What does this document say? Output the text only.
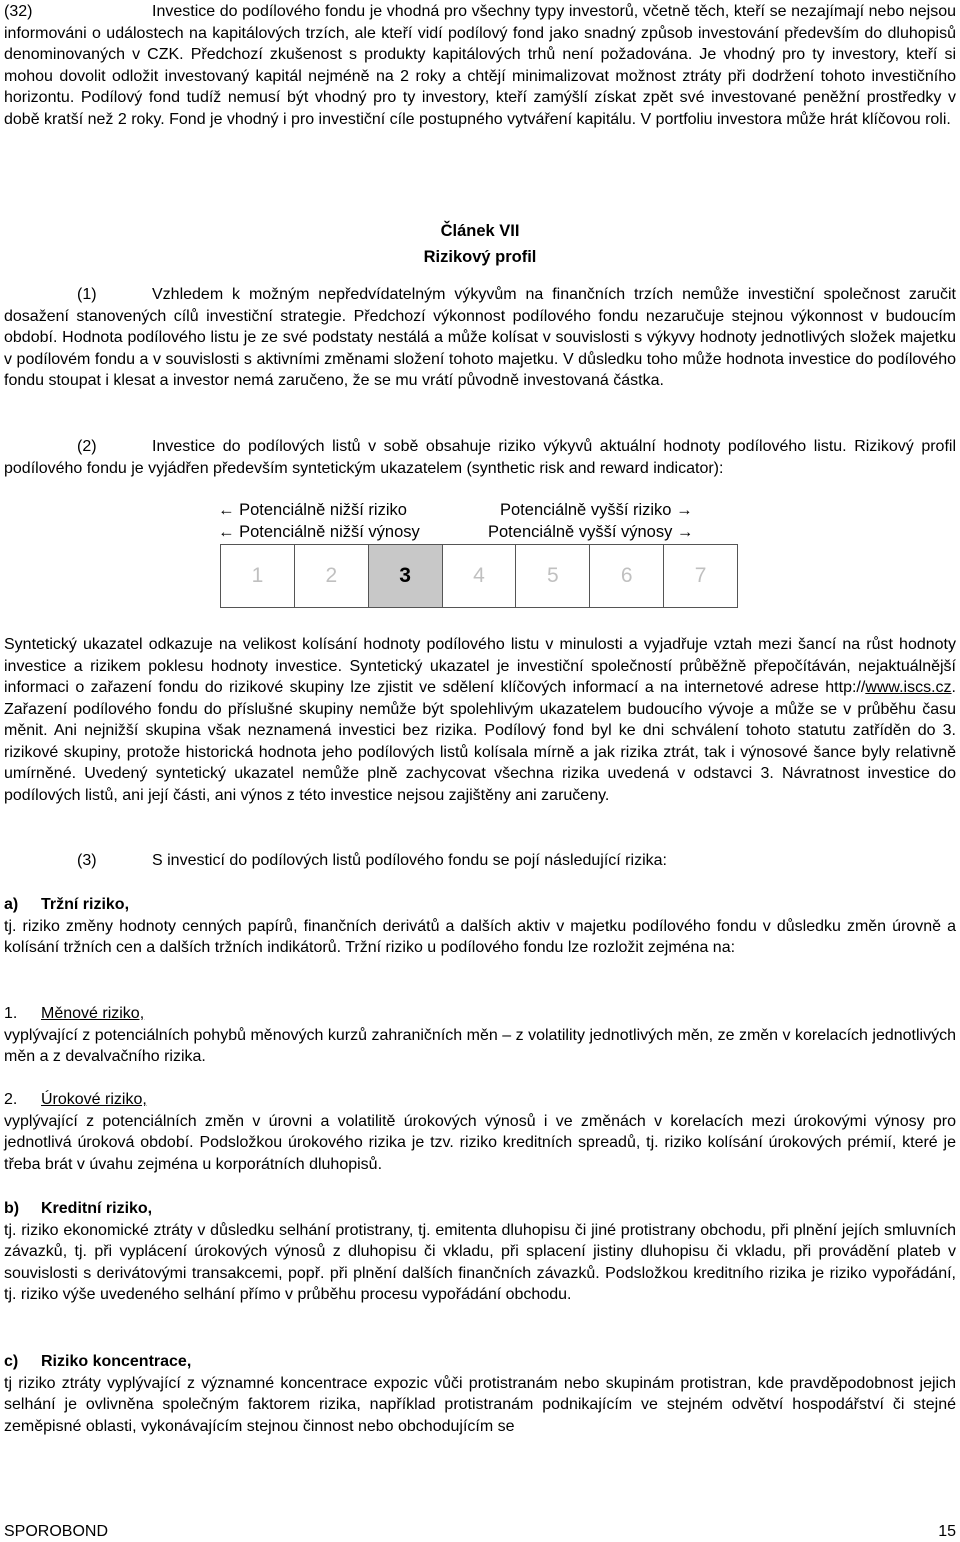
(32)	Investice do podílového fondu je vhodná pro všechny typy investorů, včetně těch, kteří se nezajímají nebo nejsou informováni o událostech na kapitálových trzích, ale kteří vidí podílový fond jako snadný způsob investování především do dluhopisů denominovaných v CZK. Předchozí zkušenost s produkty kapitálových trhů není požadována. Je vhodný pro ty investory, kteří si mohou dovolit odložit investovaný kapitál nejméně na 2 roky a chtějí minimalizovat možnost ztráty při dodržení tohoto investičního horizontu. Podílový fond tudíž nemusí být vhodný pro ty investory, kteří zamýšlí získat zpět své investované peněžní prostředky v době kratší než 2 roky. Fond je vhodný i pro investiční cíle postupného vytváření kapitálu. V portfoliu investora může hrát klíčovou roli.

Článek VII
Rizikový profil

(1)	Vzhledem k možným nepředvídatelným výkyvům na finančních trzích nemůže investiční společnost zaručit dosažení stanovených cílů investiční strategie. Předchozí výkonnost podílového fondu nezaručuje stejnou výkonnost v budoucím období. Hodnota podílového listu je ze své podstaty nestálá a může kolísat v souvislosti s výkyvy hodnoty jednotlivých složek majetku v podílovém fondu a v souvislosti s aktivními změnami složení tohoto majetku. V důsledku toho může hodnota investice do podílového fondu stoupat i klesat a investor nemá zaručeno, že se mu vrátí původně investovaná částka.

(2)	Investice do podílových listů v sobě obsahuje riziko výkyvů aktuální hodnoty podílového listu. Rizikový profil podílového fondu je vyjádřen především syntetickým ukazatelem (synthetic risk and reward indicator):

← Potenciálně nižší riziko	Potenciálně vyšší riziko →
← Potenciálně nižší výnosy	Potenciálně vyšší výnosy →
1	2	3	4	5	6	7

Syntetický ukazatel odkazuje na velikost kolísání hodnoty podílového listu v minulosti a vyjadřuje vztah mezi šancí na růst hodnoty investice a rizikem poklesu hodnoty investice. Syntetický ukazatel je investiční společností průběžně přepočítáván, nejaktuálnější informaci o zařazení fondu do rizikové skupiny lze zjistit ve sdělení klíčových informací a na internetové adrese http://www.iscs.cz. Zařazení podílového fondu do příslušné skupiny nemůže být spolehlivým ukazatelem budoucího vývoje a může se v průběhu času měnit. Ani nejnižší skupina však neznamená investici bez rizika. Podílový fond byl ke dni schválení tohoto statutu zatříděn do 3. rizikové skupiny, protože historická hodnota jeho podílových listů kolísala mírně a jak rizika ztrát, tak i výnosové šance byly relativně umírněné. Uvedený syntetický ukazatel nemůže plně zachycovat všechna rizika uvedená v odstavci 3. Návratnost investice do podílových listů, ani její části, ani výnos z této investice nejsou zajištěny ani zaručeny.

(3)	S investicí do podílových listů podílového fondu se pojí následující rizika:

a) Tržní riziko,

tj. riziko změny hodnoty cenných papírů, finančních derivátů a dalších aktiv v majetku podílového fondu v důsledku změn úrovně a kolísání tržních cen a dalších tržních indikátorů. Tržní riziko u podílového fondu lze rozložit zejména na:

1. Měnové riziko,

vyplývající z potenciálních pohybů měnových kurzů zahraničních měn – z volatility jednotlivých měn, ze změn v korelacích jednotlivých měn a z devalvačního rizika.

2. Úrokové riziko,

vyplývající z potenciálních změn v úrovni a volatilitě úrokových výnosů i ve změnách v korelacích mezi úrokovými výnosy pro jednotlivá úroková období. Podsložkou úrokového rizika je tzv. riziko kreditních spreadů, tj. riziko kolísání úrokových prémií, které je třeba brát v úvahu zejména u korporátních dluhopisů.

b) Kreditní riziko,

tj. riziko ekonomické ztráty v důsledku selhání protistrany, tj. emitenta dluhopisu či jiné protistrany obchodu, při plnění jejích smluvních závazků, tj. při vyplácení úrokových výnosů z dluhopisu či vkladu, při splacení jistiny dluhopisu či vkladu, při provádění plateb v souvislosti s derivátovými transakcemi, popř. při plnění dalších finančních závazků. Podsložkou kreditního rizika je riziko vypořádání, tj. riziko výše uvedeného selhání přímo v průběhu procesu vypořádání obchodu.

c) Riziko koncentrace,

tj riziko ztráty vyplývající z významné koncentrace expozic vůči protistranám nebo skupinám protistran, kde pravděpodobnost jejich selhání je ovlivněna společným faktorem rizika, například protistranám podnikajícím ve stejném odvětví hospodářství či stejné zeměpisné oblasti, vykonávajícím stejnou činnost nebo obchodujícím se

SPOROBOND	15
